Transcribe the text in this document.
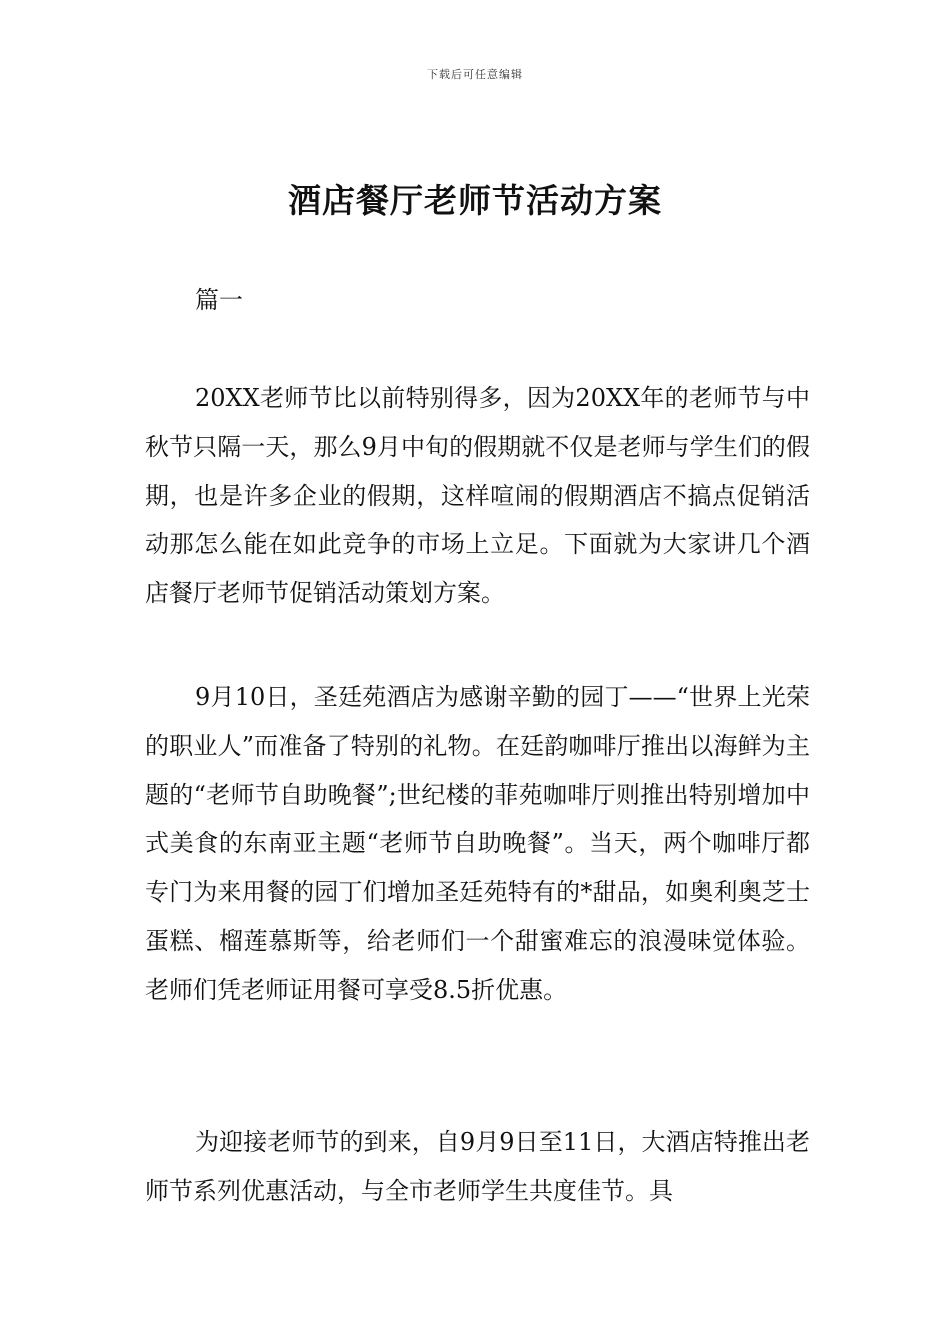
下载后可任意编辑
酒店餐厅老师节活动方案
篇一

20XX老师节比以前特别得多，因为20XX年的老师节与中秋节只隔一天，那么9月中旬的假期就不仅是老师与学生们的假期，也是许多企业的假期，这样喧闹的假期酒店不搞点促销活动那怎么能在如此竞争的市场上立足。下面就为大家讲几个酒店餐厅老师节促销活动策划方案。

9月10日，圣廷苑酒店为感谢辛勤的园丁——“世界上光荣的职业人”而准备了特别的礼物。在廷韵咖啡厅推出以海鲜为主题的“老师节自助晚餐”;世纪楼的菲苑咖啡厅则推出特别增加中式美食的东南亚主题“老师节自助晚餐”。当天，两个咖啡厅都专门为来用餐的园丁们增加圣廷苑特有的*甜品，如奥利奥芝士蛋糕、榴莲慕斯等，给老师们一个甜蜜难忘的浪漫味觉体验。老师们凭老师证用餐可享受8.5折优惠。

为迎接老师节的到来，自9月9日至11日，大酒店特推出老师节系列优惠活动，与全市老师学生共度佳节。具
